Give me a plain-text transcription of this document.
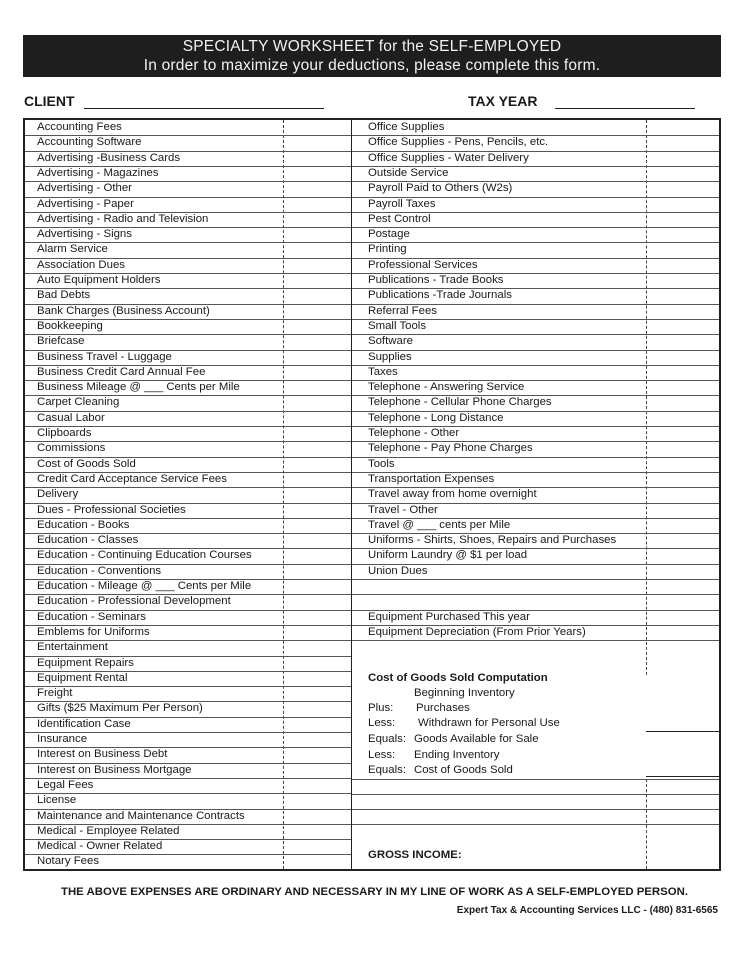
SPECIALTY WORKSHEET for the SELF-EMPLOYED
In order to maximize your deductions, please complete this form.
CLIENT	TAX YEAR
Accounting Fees
Accounting Software
Advertising -Business Cards
Advertising - Magazines
Advertising - Other
Advertising - Paper
Advertising - Radio and Television
Advertising - Signs
Alarm Service
Association Dues
Auto Equipment Holders
Bad Debts
Bank Charges (Business Account)
Bookkeeping
Briefcase
Business Travel - Luggage
Business Credit Card Annual Fee
Business Mileage @ ___ Cents per Mile
Carpet Cleaning
Casual Labor
Clipboards
Commissions
Cost of Goods Sold
Credit Card Acceptance Service Fees
Delivery
Dues - Professional Societies
Education - Books
Education - Classes
Education - Continuing Education Courses
Education - Conventions
Education - Mileage @ ___ Cents per Mile
Education - Professional Development
Education - Seminars
Emblems for Uniforms
Entertainment
Equipment Repairs
Equipment Rental
Freight
Gifts ($25 Maximum Per Person)
Identification Case
Insurance
Interest on Business Debt
Interest on Business Mortgage
Legal Fees
License
Maintenance and Maintenance Contracts
Medical - Employee Related
Medical - Owner Related
Notary Fees
Cost of Goods Sold Computation
Beginning Inventory
Plus: Purchases
Less: Withdrawn for Personal Use
Equals: Goods Available for Sale
Less: Ending Inventory
Equals: Cost of Goods Sold
GROSS INCOME:
Office Supplies
Office Supplies - Pens, Pencils, etc.
Office Supplies - Water Delivery
Outside Service
Payroll Paid to Others (W2s)
Payroll Taxes
Pest Control
Postage
Printing
Professional Services
Publications - Trade Books
Publications -Trade Journals
Referral Fees
Small Tools
Software
Supplies
Taxes
Telephone - Answering Service
Telephone - Cellular Phone Charges
Telephone - Long Distance
Telephone - Other
Telephone - Pay Phone Charges
Tools
Transportation Expenses
Travel away from home overnight
Travel - Other
Travel @ ___ cents per Mile
Uniforms - Shirts, Shoes, Repairs and Purchases
Uniform Laundry @ $1 per load
Union Dues
Equipment Purchased This year
Equipment Depreciation (From Prior Years)
THE ABOVE EXPENSES ARE ORDINARY AND NECESSARY IN MY LINE OF WORK AS A SELF-EMPLOYED PERSON.
Expert Tax & Accounting Services LLC - (480) 831-6565
